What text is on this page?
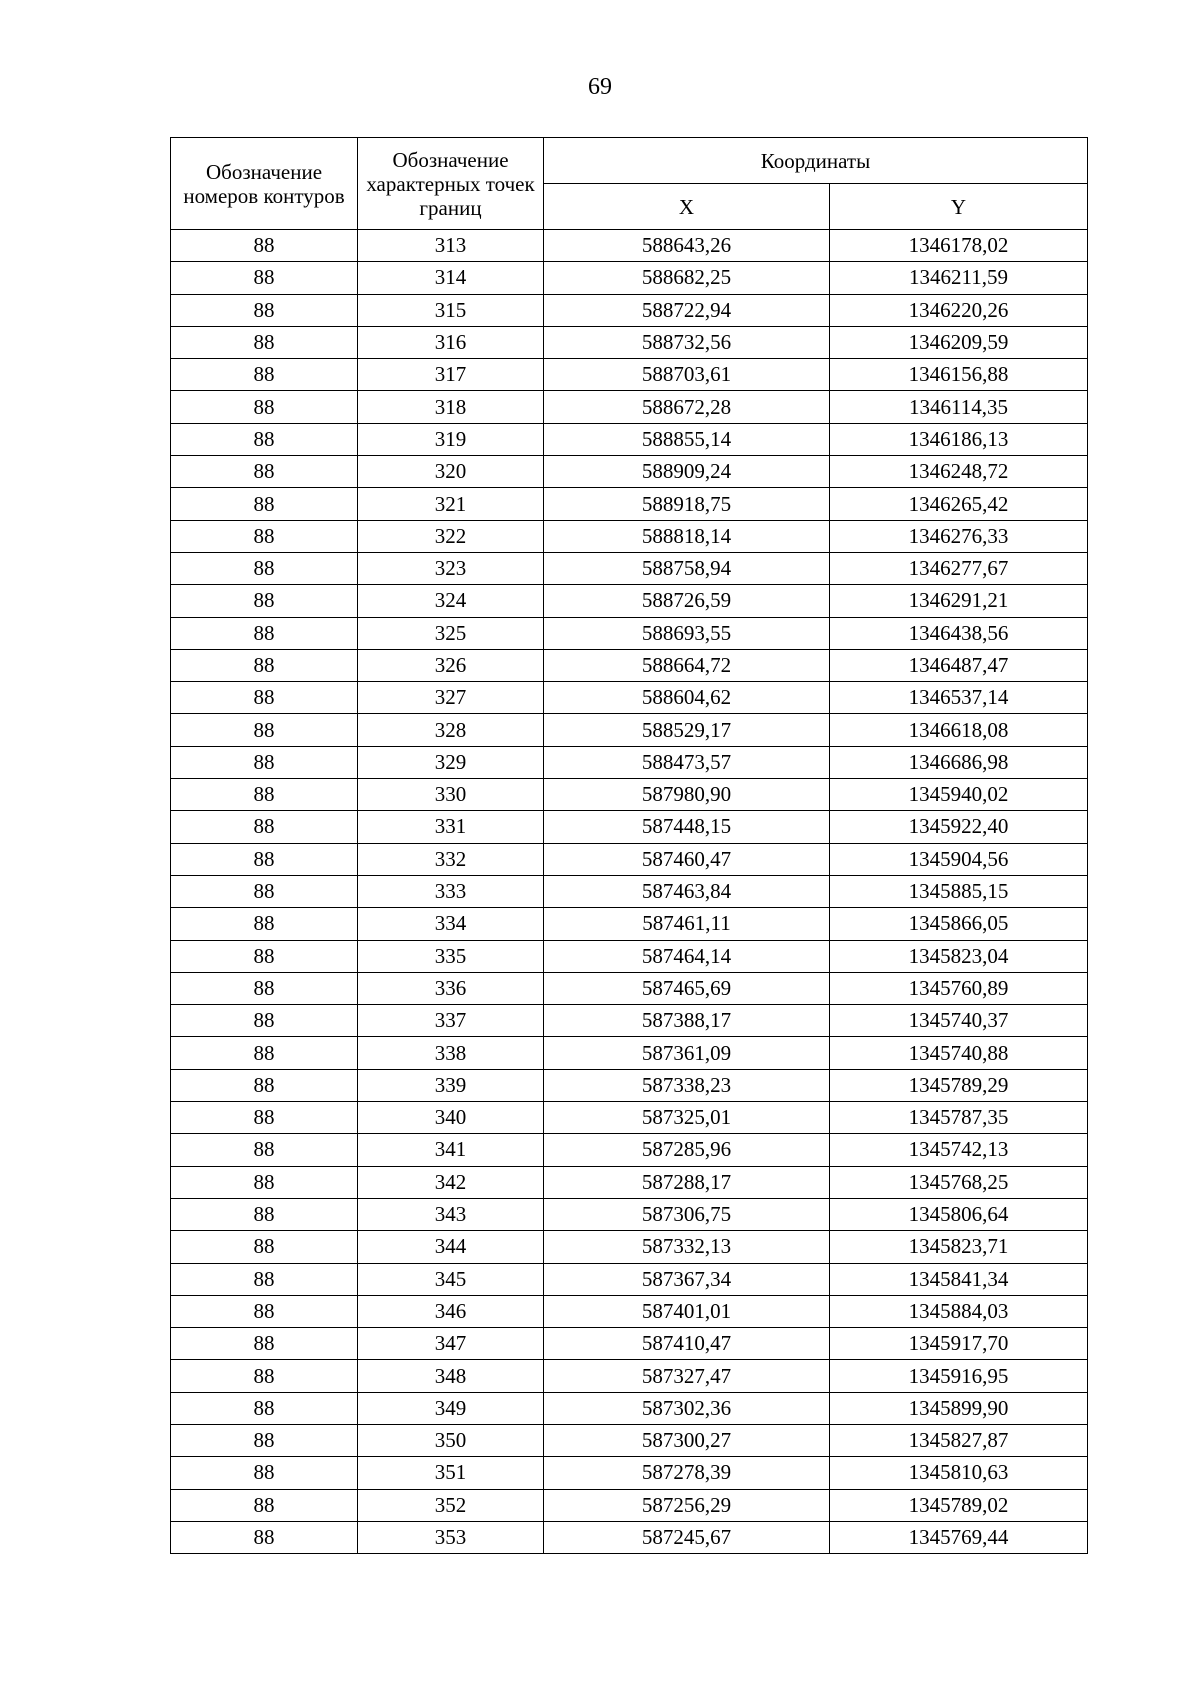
69
Обозначение номеров контуров	Обозначение характерных точек границ	Координаты	
		X	Y
88	313	588643,26	1346178,02
88	314	588682,25	1346211,59
88	315	588722,94	1346220,26
88	316	588732,56	1346209,59
88	317	588703,61	1346156,88
88	318	588672,28	1346114,35
88	319	588855,14	1346186,13
88	320	588909,24	1346248,72
88	321	588918,75	1346265,42
88	322	588818,14	1346276,33
88	323	588758,94	1346277,67
88	324	588726,59	1346291,21
88	325	588693,55	1346438,56
88	326	588664,72	1346487,47
88	327	588604,62	1346537,14
88	328	588529,17	1346618,08
88	329	588473,57	1346686,98
88	330	587980,90	1345940,02
88	331	587448,15	1345922,40
88	332	587460,47	1345904,56
88	333	587463,84	1345885,15
88	334	587461,11	1345866,05
88	335	587464,14	1345823,04
88	336	587465,69	1345760,89
88	337	587388,17	1345740,37
88	338	587361,09	1345740,88
88	339	587338,23	1345789,29
88	340	587325,01	1345787,35
88	341	587285,96	1345742,13
88	342	587288,17	1345768,25
88	343	587306,75	1345806,64
88	344	587332,13	1345823,71
88	345	587367,34	1345841,34
88	346	587401,01	1345884,03
88	347	587410,47	1345917,70
88	348	587327,47	1345916,95
88	349	587302,36	1345899,90
88	350	587300,27	1345827,87
88	351	587278,39	1345810,63
88	352	587256,29	1345789,02
88	353	587245,67	1345769,44
